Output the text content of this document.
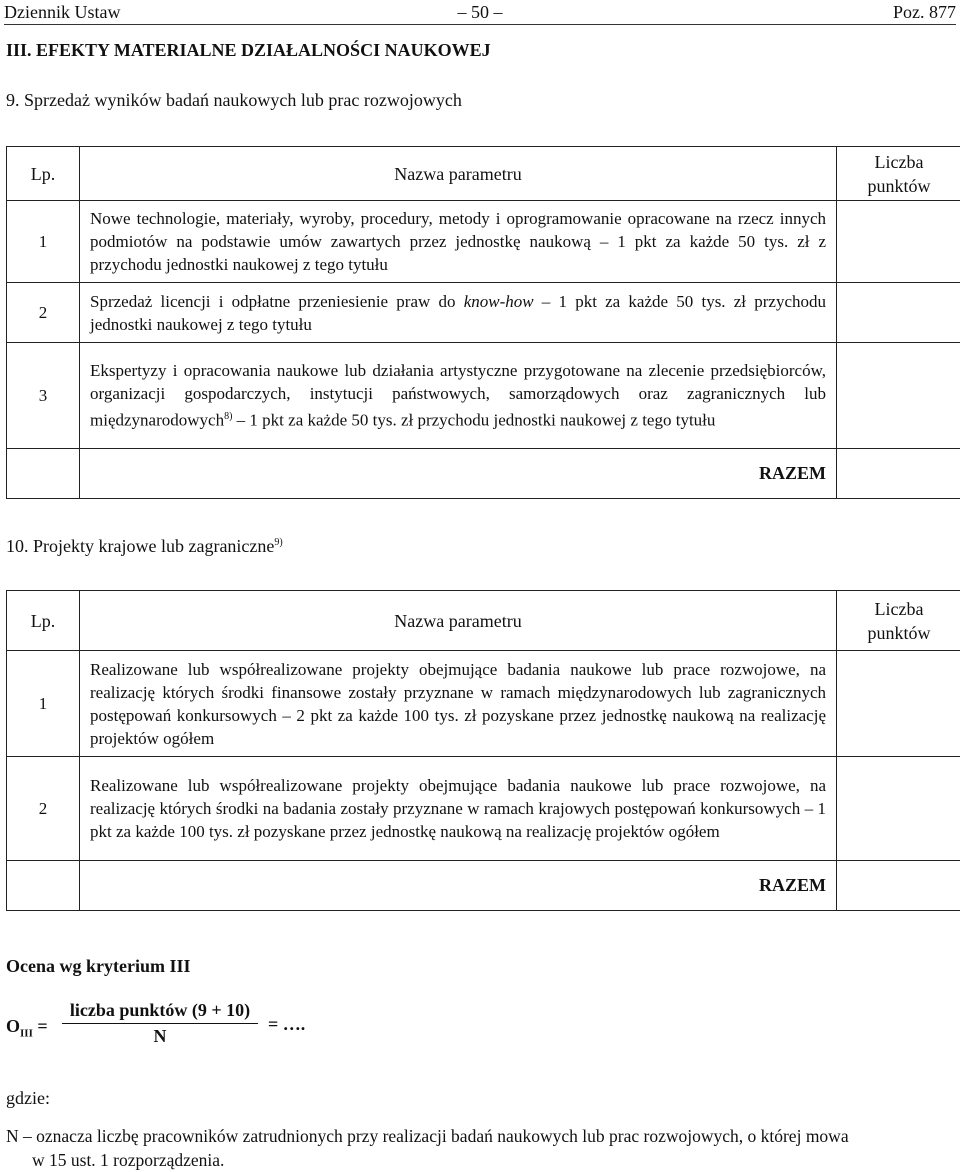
Dziennik Ustaw	– 50 –	Poz. 877
III. EFEKTY MATERIALNE DZIAŁALNOŚCI NAUKOWEJ
9. Sprzedaż wyników badań naukowych lub prac rozwojowych
Lp.	Nazwa parametru	Liczba
punktów

1	Nowe technologie, materiały, wyroby, procedury, metody i oprogramowanie opracowane na rzecz innych podmiotów na podstawie umów zawartych przez jednostkę naukową – 1 pkt za każde 50 tys. zł z przychodu jednostki naukowej z tego tytułu	
2	Sprzedaż licencji i odpłatne przeniesienie praw do know-how – 1 pkt za każde 50 tys. zł przychodu jednostki naukowej z tego tytułu	
3	Ekspertyzy i opracowania naukowe lub działania artystyczne przygotowane na zlecenie przedsiębiorców, organizacji gospodarczych, instytucji państwowych, samorządowych oraz zagranicznych lub międzynarodowych$^{8)}$ – 1 pkt za każde 50 tys. zł przychodu jednostki naukowej z tego tytułu	
	RAZEM	
10. Projekty krajowe lub zagraniczne$^{9)}$
Lp.	Nazwa parametru	Liczba
punktów

1	Realizowane lub współrealizowane projekty obejmujące badania naukowe lub prace rozwojowe, na realizację których środki finansowe zostały przyznane w ramach międzynarodowych lub zagranicznych postępowań konkursowych – 2 pkt za każde 100 tys. zł pozyskane przez jednostkę naukową na realizację projektów ogółem	
2	Realizowane lub współrealizowane projekty obejmujące badania naukowe lub prace rozwojowe, na realizację których środki na badania zostały przyznane w ramach krajowych postępowań konkursowych – 1 pkt za każde 100 tys. zł pozyskane przez jednostkę naukową na realizację projektów ogółem	
	RAZEM	
Ocena wg kryterium III
$O_{III}$ =
liczba punktów (9 + 10)
N
= ….
gdzie:
N – oznacza liczbę pracowników zatrudnionych przy realizacji badań naukowych lub prac rozwojowych, o której mowa
w 15 ust. 1 rozporządzenia.
